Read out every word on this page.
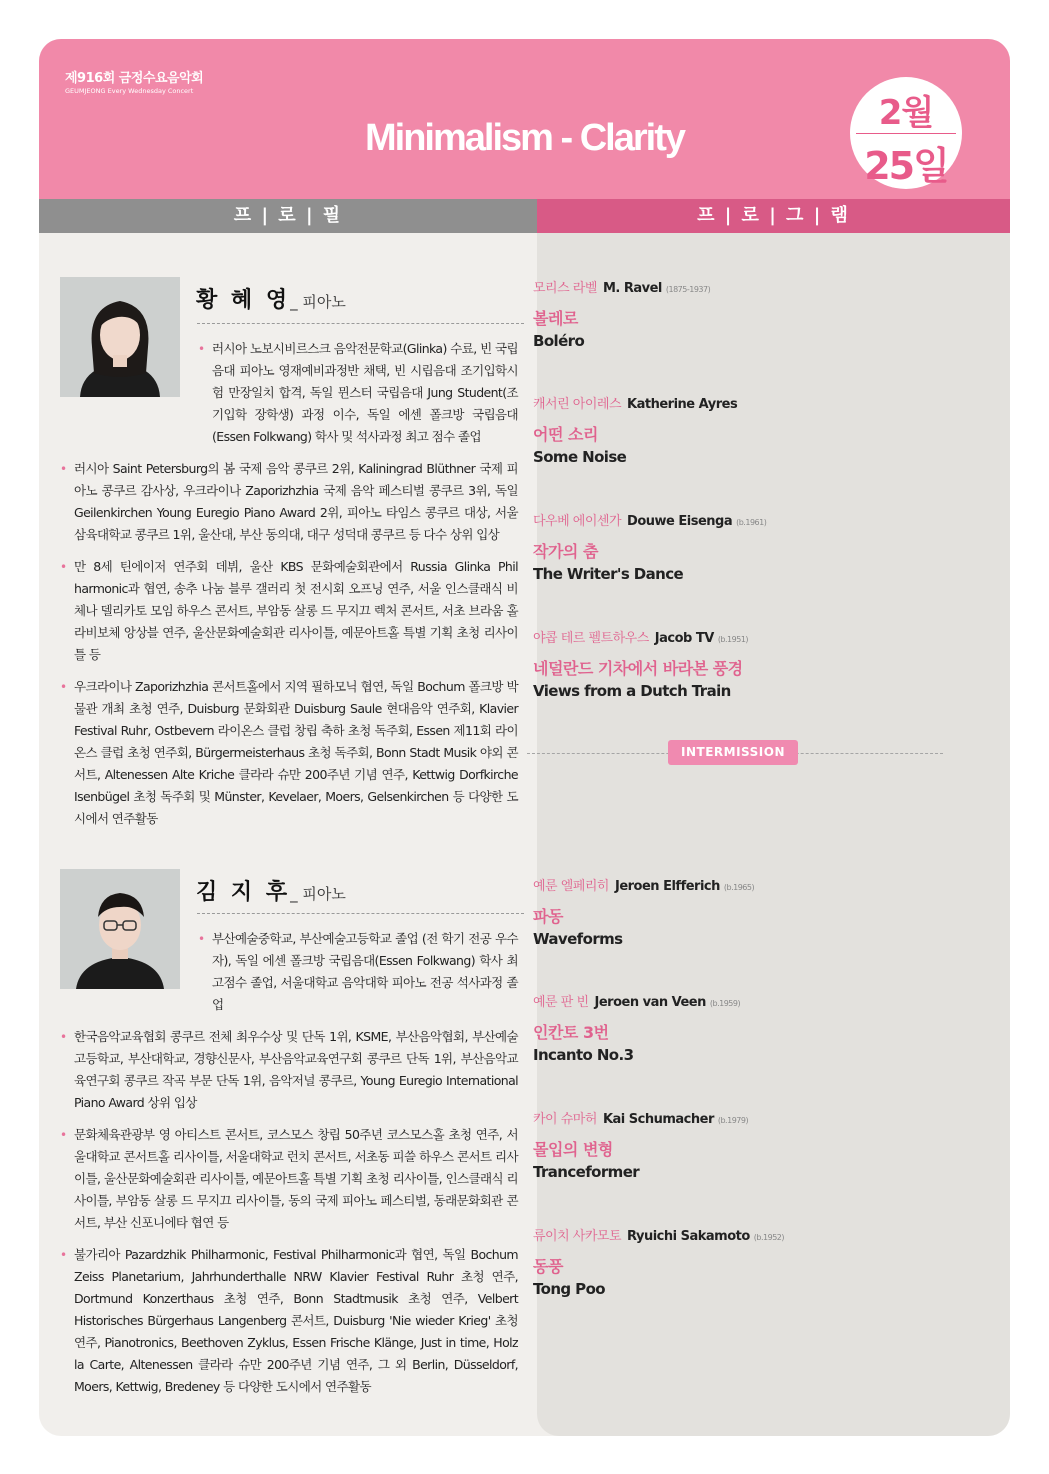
제916회 금정수요음악회
GEUMJEONG Every Wednesday Concert
Minimalism - Clarity
2월
25일
프 | 로 | 필	프 | 로 | 그 | 램
황 혜 영_ 피아노
• 러시아 노보시비르스크 음악전문학교(Glinka) 수료, 빈 국립음대 피아노 영재예비과정반 채택, 빈 시립음대 조기입학시험 만장일치 합격, 독일 뮌스터 국립음대 Jung Student(조기입학 장학생) 과정 이수, 독일 에센 폴크방 국립음대(Essen Folkwang) 학사 및 석사과정 최고 점수 졸업
• 러시아 Saint Petersburg의 봄 국제 음악 콩쿠르 2위, Kaliningrad Blüthner 국제 피아노 콩쿠르 감사상, 우크라이나 Zaporizhzhia 국제 음악 페스티벌 콩쿠르 3위, 독일 Geilenkirchen Young Euregio Piano Award 2위, 피아노 타임스 콩쿠르 대상, 서울 삼육대학교 콩쿠르 1위, 울산대, 부산 동의대, 대구 성덕대 콩쿠르 등 다수 상위 입상
• 만 8세 틴에이저 연주회 데뷔, 울산 KBS 문화예술회관에서 Russia Glinka Phil harmonic과 협연, 송추 나눔 블루 갤러리 첫 전시회 오프닝 연주, 서울 인스클래식 비체나 델리카토 모임 하우스 콘서트, 부암동 살롱 드 무지끄 렉처 콘서트, 서초 브라움 홀 라비보체 앙상블 연주, 울산문화예술회관 리사이틀, 예문아트홀 특별 기획 초청 리사이틀 등
• 우크라이나 Zaporizhzhia 콘서트홀에서 지역 필하모닉 협연, 독일 Bochum 폴크방 박물관 개최 초청 연주, Duisburg 문화회관 Duisburg Saule 현대음악 연주회, Klavier Festival Ruhr, Ostbevern 라이온스 클럽 창립 축하 초청 독주회, Essen 제11회 라이온스 클럽 초청 연주회, Bürgermeisterhaus 초청 독주회, Bonn Stadt Musik 야외 콘서트, Altenessen Alte Kriche 클라라 슈만 200주년 기념 연주, Kettwig Dorfkirche Isenbügel 초청 독주회 및 Münster, Kevelaer, Moers, Gelsenkirchen 등 다양한 도시에서 연주활동
김 지 후_ 피아노
• 부산예술중학교, 부산예술고등학교 졸업 (전 학기 전공 우수자), 독일 에센 폴크방 국립음대(Essen Folkwang) 학사 최고점수 졸업, 서울대학교 음악대학 피아노 전공 석사과정 졸업
• 한국음악교육협회 콩쿠르 전체 최우수상 및 단독 1위, KSME, 부산음악협회, 부산예술고등학교, 부산대학교, 경향신문사, 부산음악교육연구회 콩쿠르 단독 1위, 부산음악교육연구회 콩쿠르 작곡 부문 단독 1위, 음악저널 콩쿠르, Young Euregio International Piano Award 상위 입상
• 문화체육관광부 영 아티스트 콘서트, 코스모스 창립 50주년 코스모스홀 초청 연주, 서울대학교 콘서트홀 리사이틀, 서울대학교 런치 콘서트, 서초동 피쓸 하우스 콘서트 리사이틀, 울산문화예술회관 리사이틀, 예문아트홀 특별 기획 초청 리사이틀, 인스클래식 리사이틀, 부암동 살롱 드 무지끄 리사이틀, 동의 국제 피아노 페스티벌, 동래문화회관 콘서트, 부산 신포니에타 협연 등
• 불가리아 Pazardzhik Philharmonic, Festival Philharmonic과 협연, 독일 Bochum Zeiss Planetarium, Jahrhunderthalle NRW Klavier Festival Ruhr 초청 연주, Dortmund Konzerthaus 초청 연주, Bonn Stadtmusik 초청 연주, Velbert Historisches Bürgerhaus Langenberg 콘서트, Duisburg 'Nie wieder Krieg' 초청 연주, Pianotronics, Beethoven Zyklus, Essen Frische Klänge, Just in time, Holz la Carte, Altenessen 클라라 슈만 200주년 기념 연주, 그 외 Berlin, Düsseldorf, Moers, Kettwig, Bredeney 등 다양한 도시에서 연주활동
모리스 라벨 M. Ravel (1875-1937)
볼레로
Boléro
캐서린 아이레스 Katherine Ayres
어떤 소리
Some Noise
다우베 에이센가 Douwe Eisenga (b.1961)
작가의 춤
The Writer's Dance
야콥 테르 펠트하우스 Jacob TV (b.1951)
네덜란드 기차에서 바라본 풍경
Views from a Dutch Train
INTERMISSION
예룬 엘페리히 Jeroen Elfferich (b.1965)
파동
Waveforms
예룬 판 빈 Jeroen van Veen (b.1959)
인칸토 3번
Incanto No.3
카이 슈마허 Kai Schumacher (b.1979)
몰입의 변형
Tranceformer
류이치 사카모토 Ryuichi Sakamoto (b.1952)
동풍
Tong Poo
